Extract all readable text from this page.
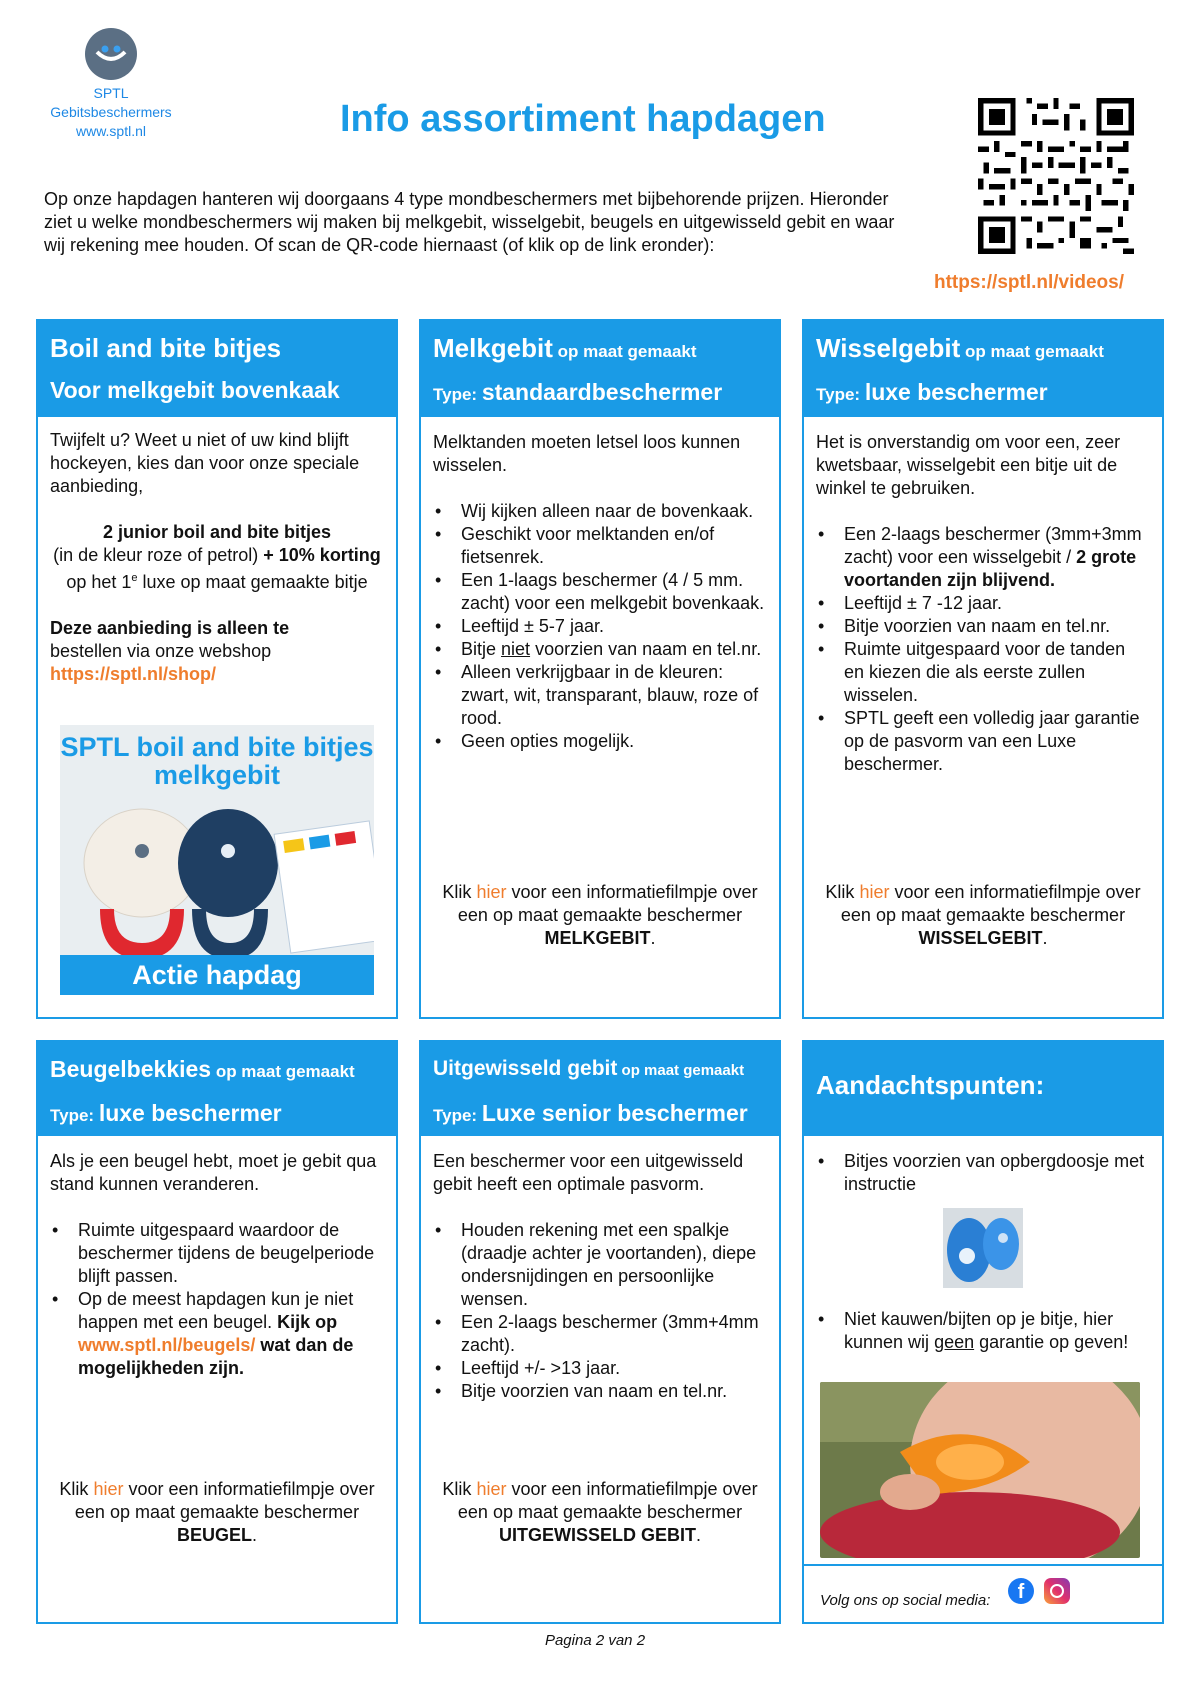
SPTL
Gebitsbeschermers
www.sptl.nl	Info assortiment hapdagen
Op onze hapdagen hanteren wij doorgaans 4 type mondbeschermers met bijbehorende prijzen. Hieronder ziet u welke mondbeschermers wij maken bij melkgebit, wisselgebit, beugels en uitgewisseld gebit en waar wij rekening mee houden. Of scan de QR-code hiernaast (of klik op de link eronder):
https://sptl.nl/videos/
Boil and bite bitjes
Voor melkgebit bovenkaak

Twijfelt u? Weet u niet of uw kind blijft hockeyen, kies dan voor onze speciale aanbieding,

2 junior boil and bite bitjes
(in de kleur roze of petrol) + 10% korting op het 1e luxe op maat gemaakte bitje

Deze aanbieding is alleen te
bestellen via onze webshop
https://sptl.nl/shop/
SPTL boil and bite bitjes melkgebit
Actie hapdag
Melkgebit op maat gemaakt
Type: standaardbeschermer

Melktanden moeten letsel loos kunnen wisselen.

• Wij kijken alleen naar de bovenkaak.
• Geschikt voor melktanden en/of fietsenrek.
• Een 1-laags beschermer (4 / 5 mm. zacht) voor een melkgebit bovenkaak.
• Leeftijd ± 5-7 jaar.
• Bitje niet voorzien van naam en tel.nr.
• Alleen verkrijgbaar in de kleuren: zwart, wit, transparant, blauw, roze of rood.
• Geen opties mogelijk.
Klik hier voor een informatiefilmpje over een op maat gemaakte beschermer MELKGEBIT.
Wisselgebit op maat gemaakt
Type: luxe beschermer

Het is onverstandig om voor een, zeer kwetsbaar, wisselgebit een bitje uit de winkel te gebruiken.

• Een 2-laags beschermer (3mm+3mm zacht) voor een wisselgebit / 2 grote voortanden zijn blijvend.
• Leeftijd ± 7 -12 jaar.
• Bitje voorzien van naam en tel.nr.
• Ruimte uitgespaard voor de tanden en kiezen die als eerste zullen wisselen.
• SPTL geeft een volledig jaar garantie op de pasvorm van een Luxe beschermer.
Klik hier voor een informatiefilmpje over een op maat gemaakte beschermer WISSELGEBIT.
Beugelbekkies op maat gemaakt
Type: luxe beschermer

Als je een beugel hebt, moet je gebit qua stand kunnen veranderen.

• Ruimte uitgespaard waardoor de beschermer tijdens de beugelperiode blijft passen.
• Op de meest hapdagen kun je niet happen met een beugel. Kijk op
www.sptl.nl/beugels/ wat dan de mogelijkheden zijn.
Klik hier voor een informatiefilmpje over een op maat gemaakte beschermer BEUGEL.
Uitgewisseld gebit op maat gemaakt
Type: Luxe senior beschermer

Een beschermer voor een uitgewisseld gebit heeft een optimale pasvorm.

• Houden rekening met een spalkje (draadje achter je voortanden), diepe ondersnijdingen en persoonlijke wensen.
• Een 2-laags beschermer (3mm+4mm zacht).
• Leeftijd +/- >13 jaar.
• Bitje voorzien van naam en tel.nr.
Klik hier voor een informatiefilmpje over een op maat gemaakte beschermer UITGEWISSELD GEBIT.
Aandachtspunten:
• Bitjes voorzien van opbergdoosje met instructie
• Niet kauwen/bijten op je bitje, hier kunnen wij geen garantie op geven!
Volg ons op social media:	f
Pagina 2 van 2
